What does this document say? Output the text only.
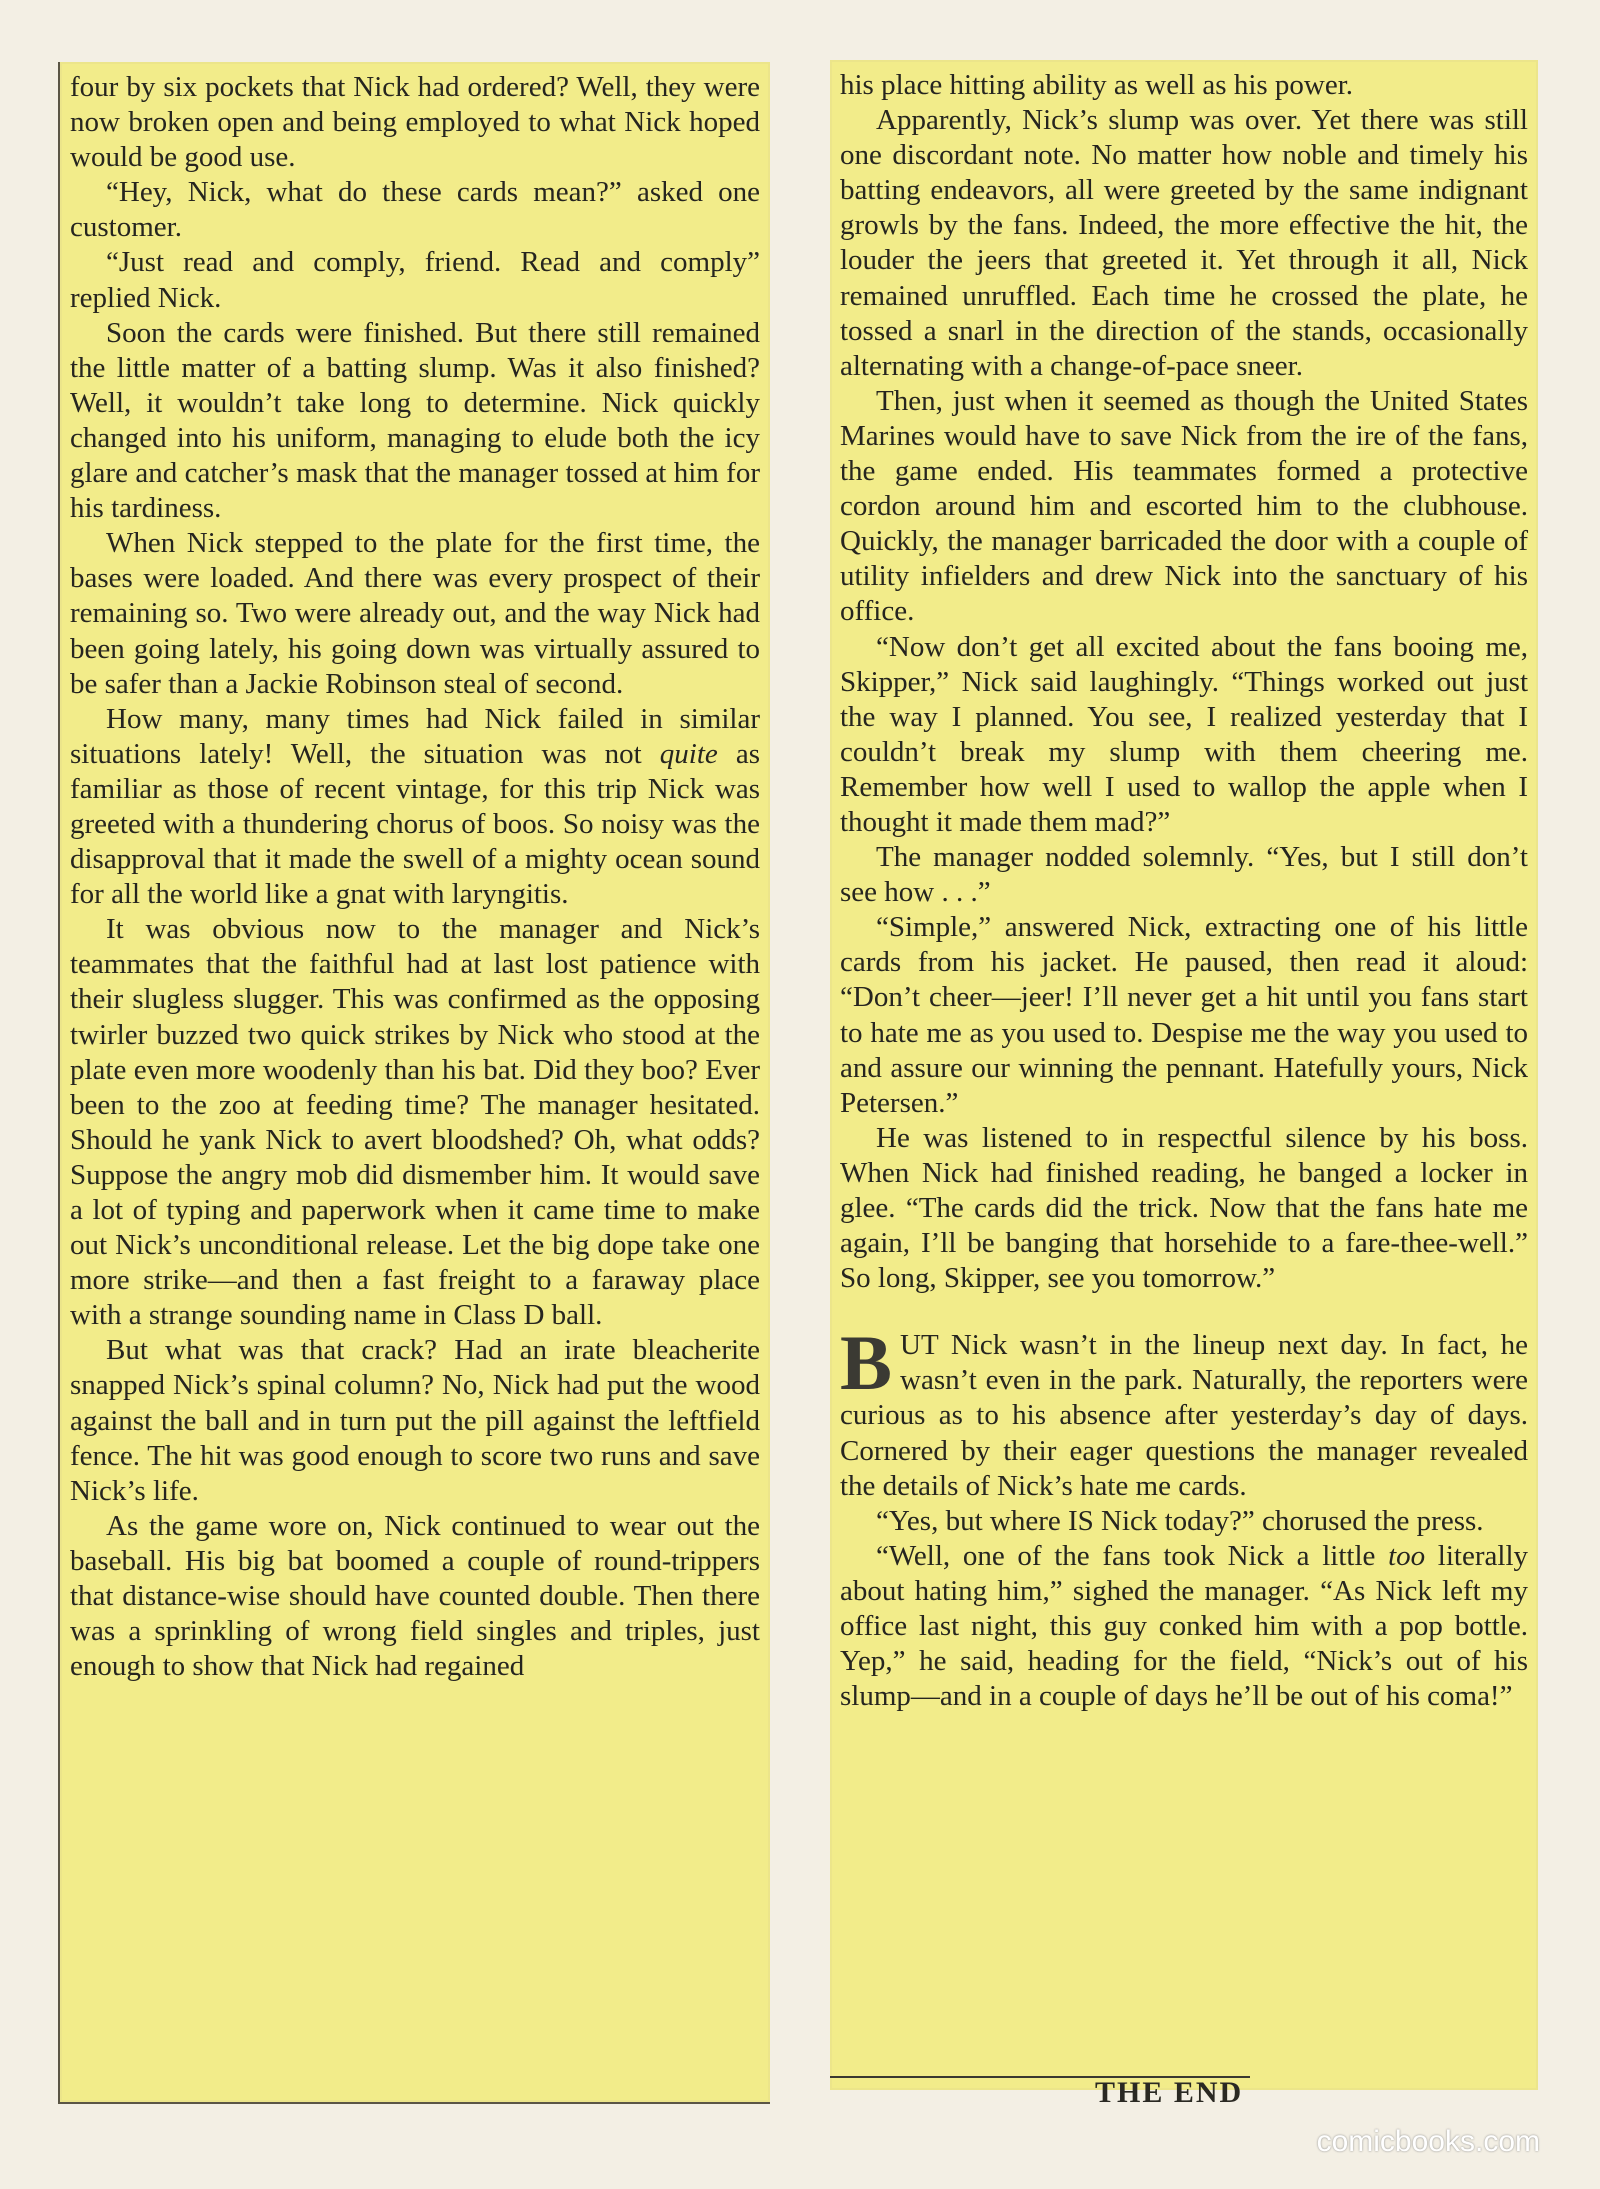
four by six pockets that Nick had ordered? Well, they were now broken open and being employed to what Nick hoped would be good use.

“Hey, Nick, what do these cards mean?” asked one customer.

“Just read and comply, friend. Read and comply” replied Nick.

Soon the cards were finished. But there still remained the little matter of a batting slump. Was it also finished? Well, it wouldn’t take long to determine. Nick quickly changed into his uniform, managing to elude both the icy glare and catcher’s mask that the manager tossed at him for his tardiness.

When Nick stepped to the plate for the first time, the bases were loaded. And there was every prospect of their remaining so. Two were already out, and the way Nick had been going lately, his going down was virtually assured to be safer than a Jackie Robinson steal of second.

How many, many times had Nick failed in similar situations lately! Well, the situation was not quite as familiar as those of recent vintage, for this trip Nick was greeted with a thundering chorus of boos. So noisy was the disapproval that it made the swell of a mighty ocean sound for all the world like a gnat with laryngitis.

It was obvious now to the manager and Nick’s teammates that the faithful had at last lost patience with their slugless slugger. This was confirmed as the opposing twirler buzzed two quick strikes by Nick who stood at the plate even more woodenly than his bat. Did they boo? Ever been to the zoo at feeding time? The manager hesitated. Should he yank Nick to avert bloodshed? Oh, what odds? Suppose the angry mob did dismember him. It would save a lot of typing and paperwork when it came time to make out Nick’s unconditional release. Let the big dope take one more strike—and then a fast freight to a faraway place with a strange sounding name in Class D ball.

But what was that crack? Had an irate bleacherite snapped Nick’s spinal column? No, Nick had put the wood against the ball and in turn put the pill against the leftfield fence. The hit was good enough to score two runs and save Nick’s life.

As the game wore on, Nick continued to wear out the baseball. His big bat boomed a couple of round-trippers that distance-wise should have counted double. Then there was a sprinkling of wrong field singles and triples, just enough to show that Nick had regained

his place hitting ability as well as his power.

Apparently, Nick’s slump was over. Yet there was still one discordant note. No matter how noble and timely his batting endeavors, all were greeted by the same indignant growls by the fans. Indeed, the more effective the hit, the louder the jeers that greeted it. Yet through it all, Nick remained unruffled. Each time he crossed the plate, he tossed a snarl in the direction of the stands, occasionally alternating with a change-of-pace sneer.

Then, just when it seemed as though the United States Marines would have to save Nick from the ire of the fans, the game ended. His teammates formed a protective cordon around him and escorted him to the clubhouse. Quickly, the manager barricaded the door with a couple of utility infielders and drew Nick into the sanctuary of his office.

“Now don’t get all excited about the fans booing me, Skipper,” Nick said laughingly. “Things worked out just the way I planned. You see, I realized yesterday that I couldn’t break my slump with them cheering me. Remember how well I used to wallop the apple when I thought it made them mad?”

The manager nodded solemnly. “Yes, but I still don’t see how . . .”

“Simple,” answered Nick, extracting one of his little cards from his jacket. He paused, then read it aloud: “Don’t cheer—jeer! I’ll never get a hit until you fans start to hate me as you used to. Despise me the way you used to and assure our winning the pennant. Hatefully yours, Nick Petersen.”

He was listened to in respectful silence by his boss. When Nick had finished reading, he banged a locker in glee. “The cards did the trick. Now that the fans hate me again, I’ll be banging that horsehide to a fare-thee-well.” So long, Skipper, see you tomorrow.”

BUT Nick wasn’t in the lineup next day. In fact, he wasn’t even in the park. Naturally, the reporters were curious as to his absence after yesterday’s day of days. Cornered by their eager questions the manager revealed the details of Nick’s hate me cards.

“Yes, but where IS Nick today?” chorused the press.

“Well, one of the fans took Nick a little too literally about hating him,” sighed the manager. “As Nick left my office last night, this guy conked him with a pop bottle. Yep,” he said, heading for the field, “Nick’s out of his slump—and in a couple of days he’ll be out of his coma!”

THE END
comicbooks.com
